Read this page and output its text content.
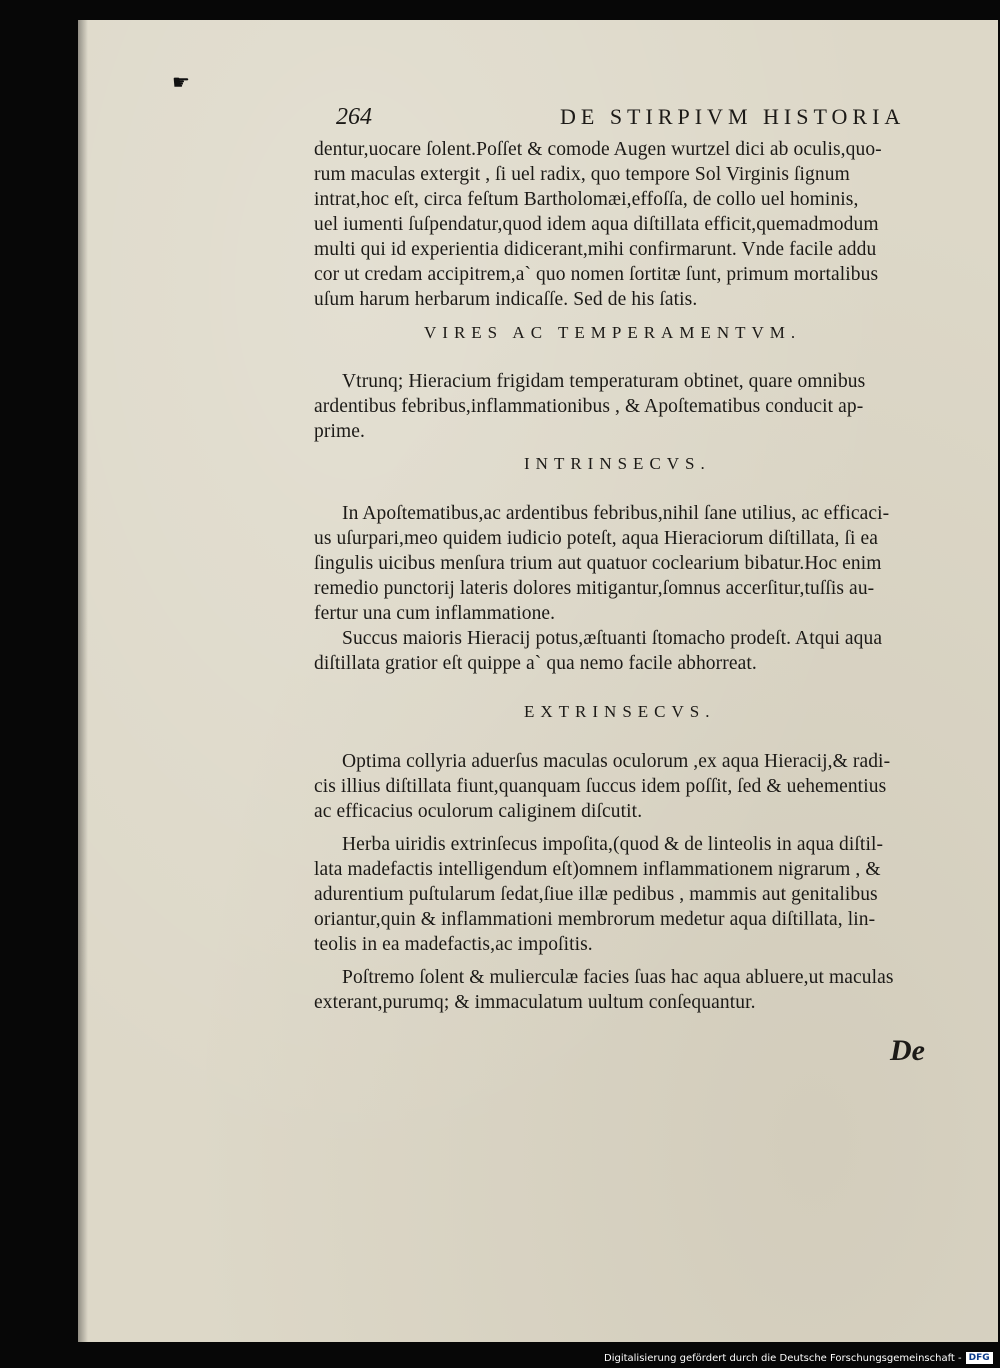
☛
264	DE STIRPIVM HISTORIA
dentur,uocare ſolent.Poſſet & comode Augen wurtzel dici ab oculis,quo-
rum maculas extergit , ſi uel radix, quo tempore Sol Virginis ſignum
intrat,hoc eſt, circa feſtum Bartholomæi,effoſſa, de collo uel hominis,
uel iumenti ſuſpendatur,quod idem aqua diſtillata efficit,quemadmodum
multi qui id experientia didicerant,mihi confirmarunt. Vnde facile addu
cor ut credam accipitrem,a` quo nomen ſortitæ ſunt, primum mortalibus
uſum harum herbarum indicaſſe. Sed de his ſatis.
VIRES AC TEMPERAMENTVM.
Vtrunq; Hieracium frigidam temperaturam obtinet, quare omnibus
ardentibus febribus,inflammationibus , & Apoſtematibus conducit ap-
prime.
INTRINSECVS.
In Apoſtematibus,ac ardentibus febribus,nihil ſane utilius, ac efficaci-
us uſurpari,meo quidem iudicio poteſt, aqua Hieraciorum diſtillata, ſi ea
ſingulis uicibus menſura trium aut quatuor coclearium bibatur.Hoc enim
remedio punctorij lateris dolores mitigantur,ſomnus accerſitur,tuſſis au-
fertur una cum inflammatione.
Succus maioris Hieracij potus,æſtuanti ſtomacho prodeſt. Atqui aqua
diſtillata gratior eſt quippe a` qua nemo facile abhorreat.
EXTRINSECVS.
Optima collyria aduerſus maculas oculorum ,ex aqua Hieracij,& radi-
cis illius diſtillata fiunt,quanquam ſuccus idem poſſit, ſed & uehementius
ac efficacius oculorum caliginem diſcutit.
Herba uiridis extrinſecus impoſita,(quod & de linteolis in aqua diſtil-
lata madefactis intelligendum eſt)omnem inflammationem nigrarum , &
adurentium puſtularum ſedat,ſiue illæ pedibus , mammis aut genitalibus
oriantur,quin & inflammationi membrorum medetur aqua diſtillata, lin-
teolis in ea madefactis,ac impoſitis.
Poſtremo ſolent & mulierculæ facies ſuas hac aqua abluere,ut maculas
exterant,purumq; & immaculatum uultum conſequantur.
De
Digitalisierung gefördert durch die Deutsche Forschungsgemeinschaft - DFG
